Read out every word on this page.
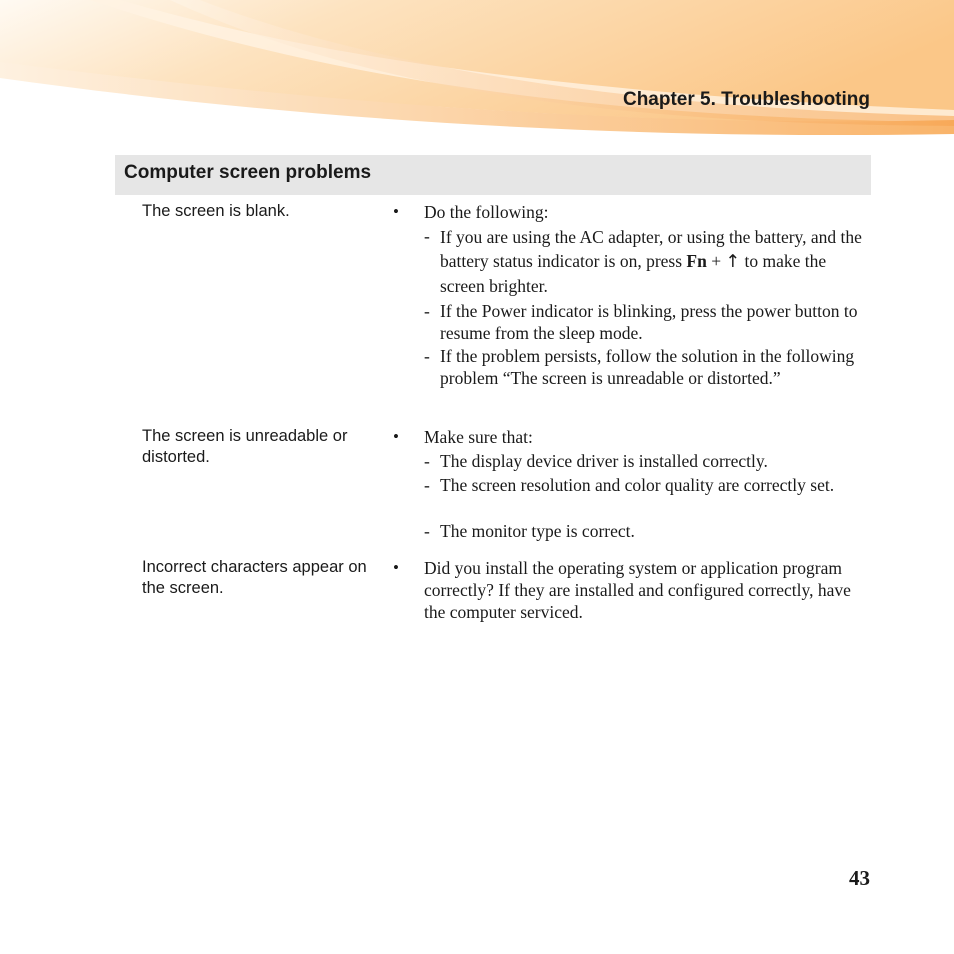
Chapter 5. Troubleshooting
Computer screen problems
The screen is blank.	• Do the following:
- If you are using the AC adapter, or using the battery, and the battery status indicator is on, press Fn + ↑ to make the screen brighter.
- If the Power indicator is blinking, press the power button to resume from the sleep mode.
- If the problem persists, follow the solution in the following problem “The screen is unreadable or distorted.”
The screen is unreadable or distorted.
• Make sure that:
- The display device driver is installed correctly.
- The screen resolution and color quality are correctly set.
- The monitor type is correct.
Incorrect characters appear on the screen.
• Did you install the operating system or application program correctly? If they are installed and configured correctly, have the computer serviced.
43
